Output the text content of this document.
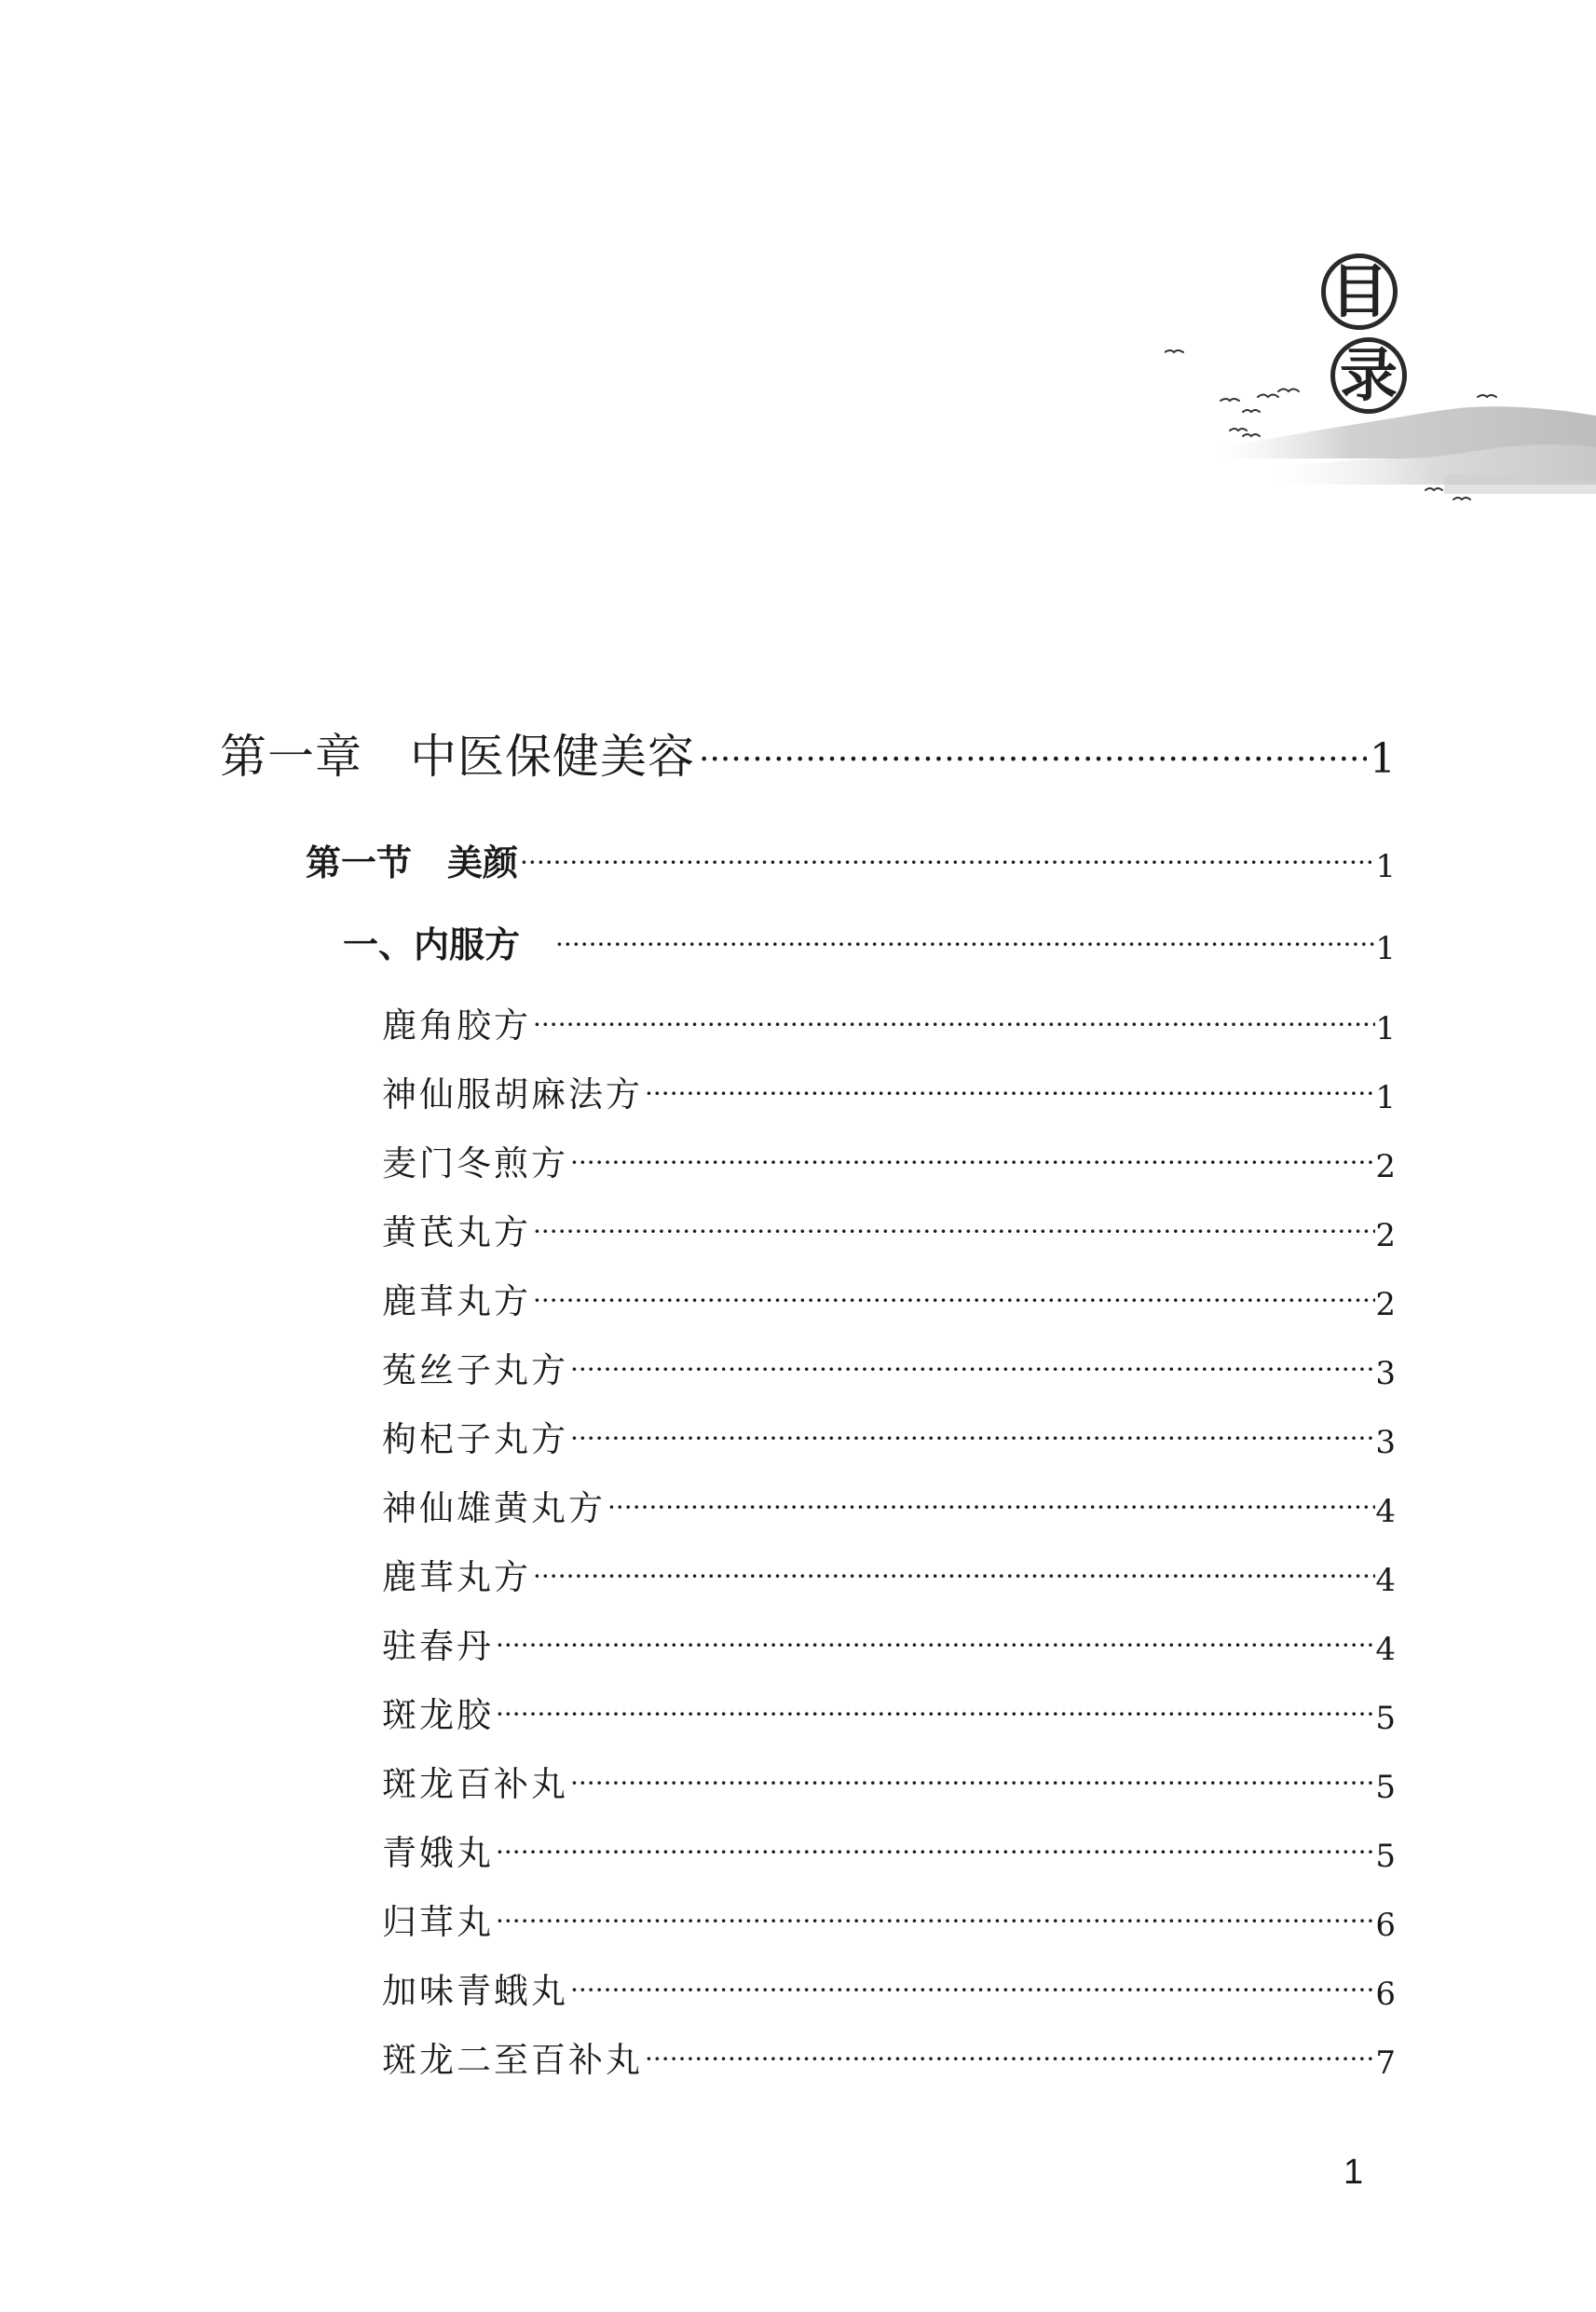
目
录
第一章　中医保健美容 ·····	1
第一节　美颜 ·····	1
一、内服方 ·····	1
鹿角胶方 ·····	1
神仙服胡麻法方 ·····	1
麦门冬煎方 ·····	2
黄芪丸方 ·····	2
鹿茸丸方 ·····	2
菟丝子丸方 ·····	3
枸杞子丸方 ·····	3
神仙雄黄丸方 ·····	4
鹿茸丸方 ·····	4
驻春丹 ·····	4
斑龙胶 ·····	5
斑龙百补丸 ·····	5
青娥丸 ·····	5
归茸丸 ·····	6
加味青蛾丸 ·····	6
斑龙二至百补丸 ·····	7
1
